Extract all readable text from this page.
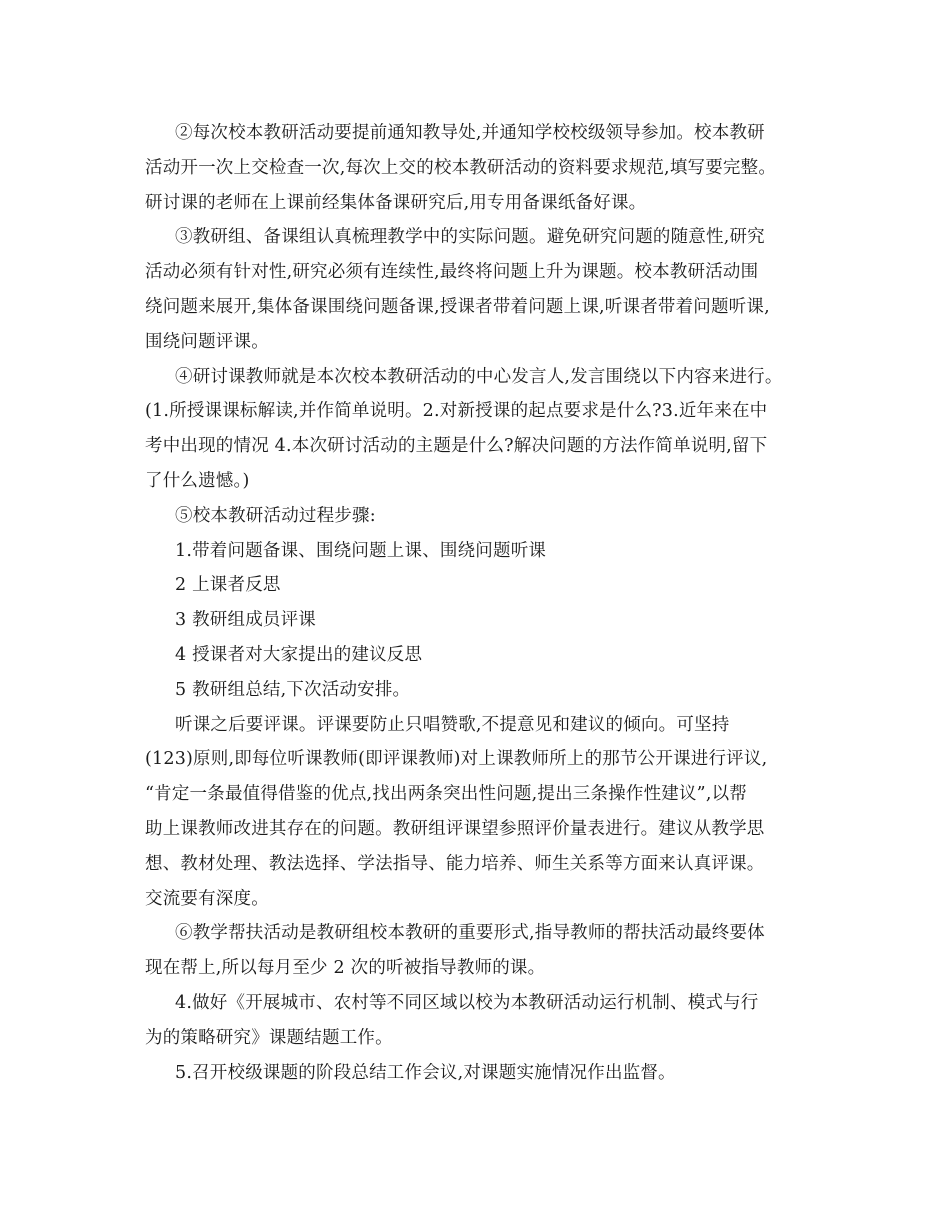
②每次校本教研活动要提前通知教导处,并通知学校校级领导参加。校本教研
活动开一次上交检查一次,每次上交的校本教研活动的资料要求规范,填写要完整。
研讨课的老师在上课前经集体备课研究后,用专用备课纸备好课。
③教研组、备课组认真梳理教学中的实际问题。避免研究问题的随意性,研究
活动必须有针对性,研究必须有连续性,最终将问题上升为课题。校本教研活动围
绕问题来展开,集体备课围绕问题备课,授课者带着问题上课,听课者带着问题听课,
围绕问题评课。
④研讨课教师就是本次校本教研活动的中心发言人,发言围绕以下内容来进行。
(1.所授课课标解读,并作简单说明。2.对新授课的起点要求是什么?3.近年来在中
考中出现的情况 4.本次研讨活动的主题是什么?解决问题的方法作简单说明,留下
了什么遗憾。)
⑤校本教研活动过程步骤:
1.带着问题备课、围绕问题上课、围绕问题听课
2 上课者反思
3 教研组成员评课
4 授课者对大家提出的建议反思
5 教研组总结,下次活动安排。
听课之后要评课。评课要防止只唱赞歌,不提意见和建议的倾向。可坚持
(123)原则,即每位听课教师(即评课教师)对上课教师所上的那节公开课进行评议,
“肯定一条最值得借鉴的优点,找出两条突出性问题,提出三条操作性建议”,以帮
助上课教师改进其存在的问题。教研组评课望参照评价量表进行。建议从教学思
想、教材处理、教法选择、学法指导、能力培养、师生关系等方面来认真评课。
交流要有深度。
⑥教学帮扶活动是教研组校本教研的重要形式,指导教师的帮扶活动最终要体
现在帮上,所以每月至少 2 次的听被指导教师的课。
4.做好《开展城市、农村等不同区域以校为本教研活动运行机制、模式与行
为的策略研究》课题结题工作。
5.召开校级课题的阶段总结工作会议,对课题实施情况作出监督。
